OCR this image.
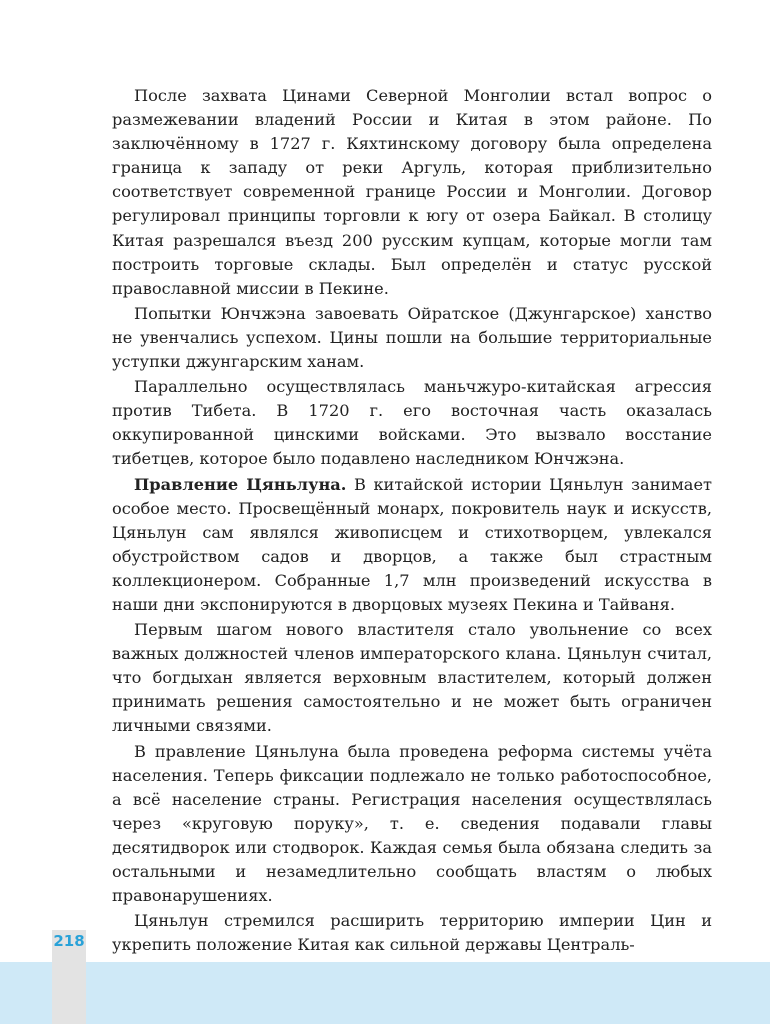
После захвата Цинами Северной Монголии встал вопрос о размежевании владений России и Китая в этом районе. По заключённому в 1727 г. Кяхтинскому договору была определена граница к западу от реки Аргуль, которая приблизительно соответствует современной границе России и Монголии. Договор регулировал принципы торговли к югу от озера Байкал. В столицу Китая разрешался въезд 200 русским купцам, которые могли там построить торговые склады. Был определён и статус русской православной миссии в Пекине.

Попытки Юнчжэна завоевать Ойратское (Джунгарское) ханство не увенчались успехом. Цины пошли на большие территориальные уступки джунгарским ханам.

Параллельно осуществлялась маньчжуро-китайская агрессия против Тибета. В 1720 г. его восточная часть оказалась оккупированной цинскими войсками. Это вызвало восстание тибетцев, которое было подавлено наследником Юнчжэна.

Правление Цяньлуна. В китайской истории Цяньлун занимает особое место. Просвещённый монарх, покровитель наук и искусств, Цяньлун сам являлся живописцем и стихотворцем, увлекался обустройством садов и дворцов, а также был страстным коллекционером. Собранные 1,7 млн произведений искусства в наши дни экспонируются в дворцовых музеях Пекина и Тайваня.

Первым шагом нового властителя стало увольнение со всех важных должностей членов императорского клана. Цяньлун считал, что богдыхан является верховным властителем, который должен принимать решения самостоятельно и не может быть ограничен личными связями.

В правление Цяньлуна была проведена реформа системы учёта населения. Теперь фиксации подлежало не только работоспособное, а всё население страны. Регистрация населения осуществлялась через «круговую поруку», т. е. сведения подавали главы десятидворок или стодворок. Каждая семья была обязана следить за остальными и незамедлительно сообщать властям о любых правонарушениях.

Цяньлун стремился расширить территорию империи Цин и укрепить положение Китая как сильной державы Централь-

218
